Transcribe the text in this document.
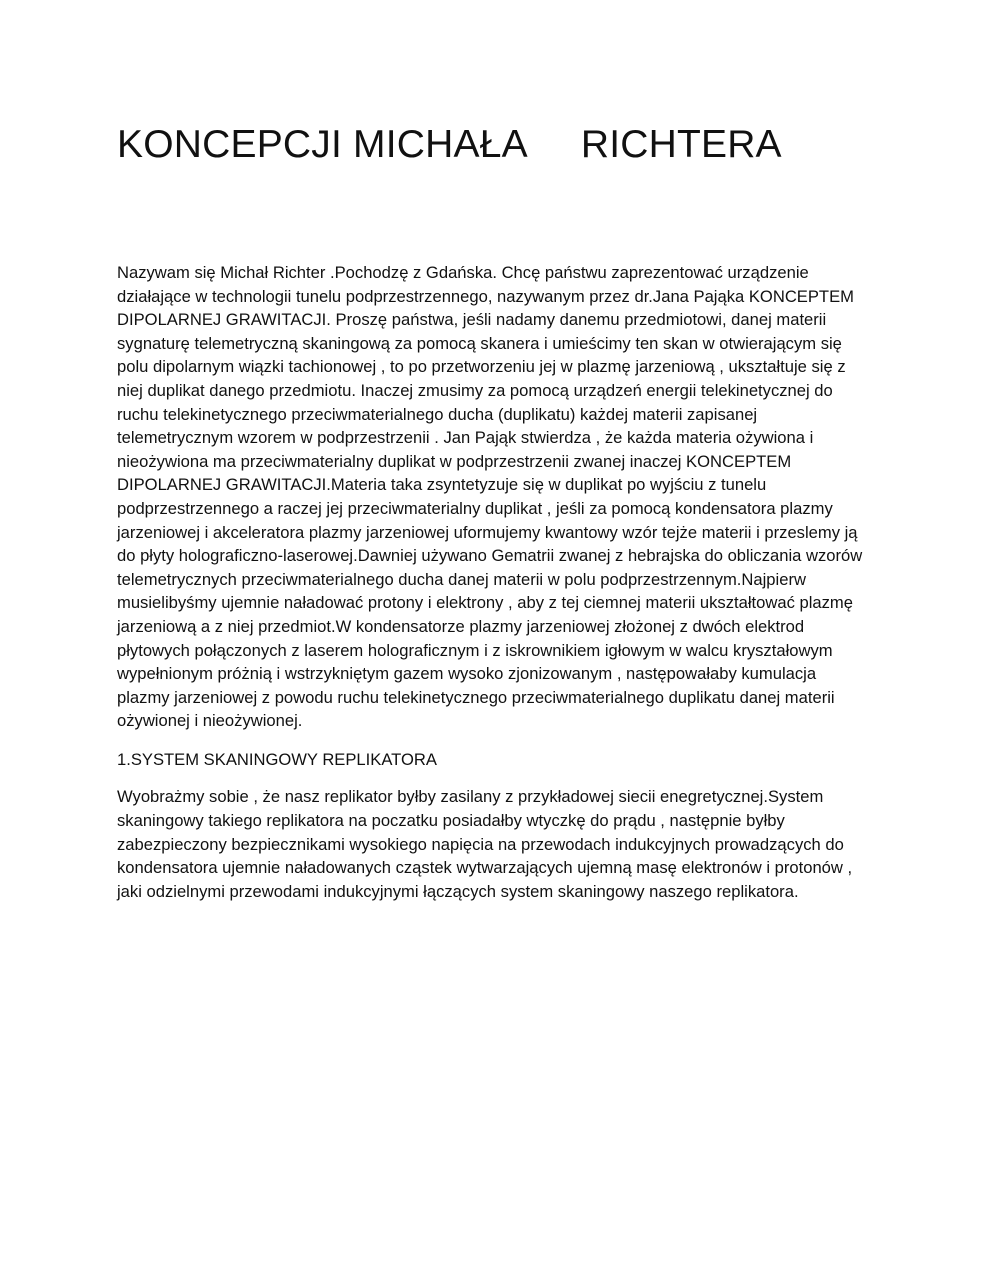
KONCEPCJI MICHAŁA     RICHTERA

Nazywam się Michał Richter .Pochodzę z Gdańska. Chcę państwu zaprezentować urządzenie działające w technologii tunelu podprzestrzennego, nazywanym przez dr.Jana Pająka KONCEPTEM DIPOLARNEJ GRAWITACJI. Proszę państwa, jeśli nadamy danemu przedmiotowi, danej materii sygnaturę telemetryczną skaningową za pomocą skanera i umieścimy ten skan w otwierającym się polu dipolarnym wiązki tachionowej , to po przetworzeniu jej w plazmę jarzeniową , ukształtuje się z niej duplikat danego przedmiotu. Inaczej zmusimy za pomocą urządzeń energii telekinetycznej do ruchu telekinetycznego przeciwmaterialnego ducha (duplikatu) każdej materii zapisanej telemetrycznym wzorem w podprzestrzenii . Jan Pająk stwierdza , że każda materia ożywiona i nieożywiona ma przeciwmaterialny duplikat w podprzestrzenii zwanej inaczej KONCEPTEM DIPOLARNEJ GRAWITACJI.Materia taka zsyntetyzuje się w duplikat po wyjściu z tunelu podprzestrzennego a raczej jej przeciwmaterialny duplikat , jeśli za pomocą kondensatora plazmy jarzeniowej i akceleratora plazmy jarzeniowej uformujemy kwantowy wzór tejże materii i przeslemy ją do płyty holograficzno-laserowej.Dawniej używano Gematrii zwanej z hebrajska do obliczania wzorów telemetrycznych przeciwmaterialnego ducha danej materii w polu podprzestrzennym.Najpierw musielibyśmy ujemnie naładować protony i elektrony , aby z tej ciemnej materii ukształtować plazmę jarzeniową a z niej przedmiot.W kondensatorze plazmy jarzeniowej złożonej z dwóch elektrod płytowych połączonych z laserem holograficznym i z iskrownikiem igłowym w walcu kryształowym wypełnionym próżnią i wstrzykniętym gazem wysoko zjonizowanym , następowałaby kumulacja plazmy jarzeniowej z powodu ruchu telekinetycznego przeciwmaterialnego duplikatu danej materii ożywionej i nieożywionej.

1.SYSTEM SKANINGOWY REPLIKATORA

Wyobrażmy sobie , że nasz replikator byłby zasilany z przykładowej siecii enegretycznej.System skaningowy takiego replikatora na poczatku posiadałby wtyczkę do prądu , następnie byłby zabezpieczony bezpiecznikami wysokiego napięcia na przewodach indukcyjnych prowadzących do kondensatora ujemnie naładowanych cząstek wytwarzających ujemną masę elektronów i protonów , jaki odzielnymi przewodami indukcyjnymi łączących system skaningowy naszego replikatora.
